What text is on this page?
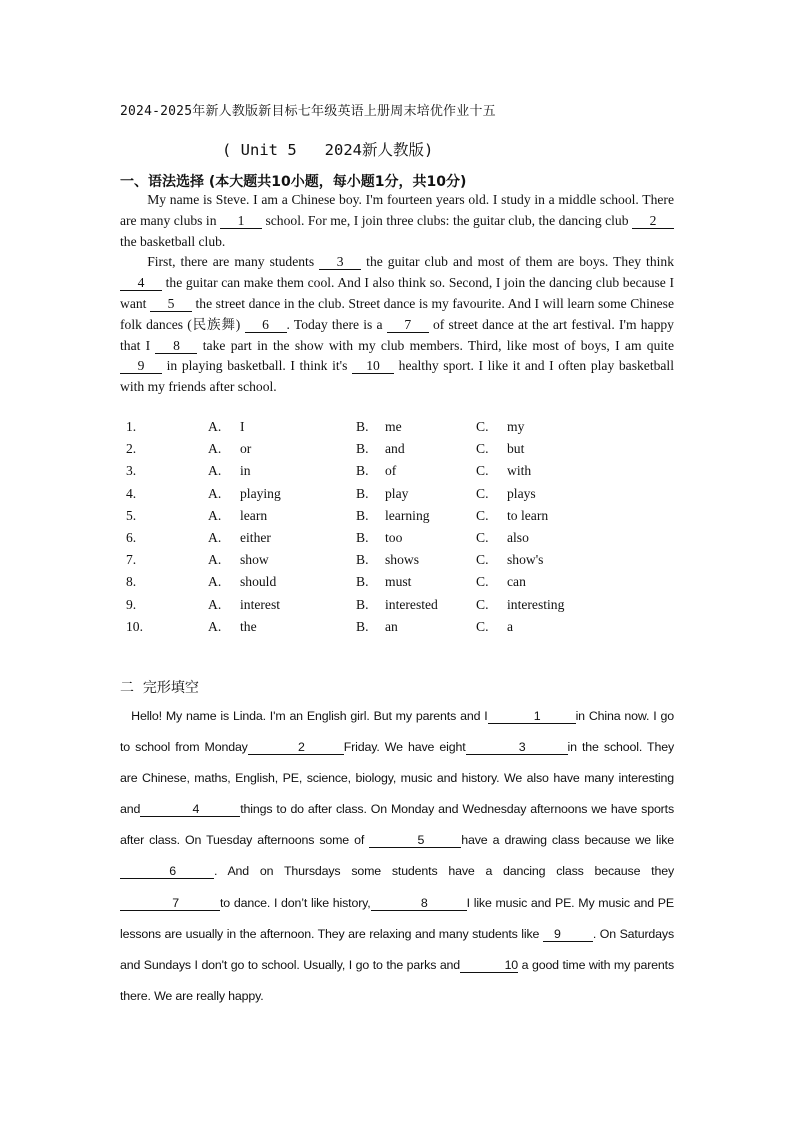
2024-2025年新人教版新目标七年级英语上册周末培优作业十五
( Unit 5   2024新人教版)
一、语法选择 (本大题共10小题，每小题1分，共10分)

My name is Steve. I am a Chinese boy. I'm fourteen years old. I study in a middle school. There are many clubs in 1 school. For me, I join three clubs: the guitar club, the dancing club 2 the basketball club.

First, there are many students 3 the guitar club and most of them are boys. They think 4 the guitar can make them cool. And I also think so. Second, I join the dancing club because I want 5 the street dance in the club. Street dance is my favourite. And I will learn some Chinese folk dances (民族舞) 6 . Today there is a 7 of street dance at the art festival. I'm happy that I 8 take part in the show with my club members. Third, like most of boys, I am quite 9 in playing basketball. I think it's 10 healthy sport. I like it and I often play basketball with my friends after school.

1.	A. I	B. me	C. my
2.	A. or	B. and	C. but
3.	A. in	B. of	C. with
4.	A. playing	B. play	C. plays
5.	A. learn	B. learning	C. to learn
6.	A. either	B. too	C. also
7.	A. show	B. shows	C. show's
8.	A. should	B. must	C. can
9.	A. interest	B. interested	C. interesting
10.	A. the	B. an	C. a
二  完形填空

Hello! My name is Linda. I'm an English girl. But my parents and I	1	in China now. I go to school from Monday	2	Friday. We have eight	3	in the school. They are Chinese, maths, English, PE, science, biology, music and history. We also have many interesting and	4	things to do after class. On Monday and Wednesday afternoons we have sports after class. On Tuesday afternoons some of	5	have a drawing class because we like6	. And on Thursdays some students have a dancing class because they7	to dance. I don’t like history,	8	I like music and PE. My music and PE lessons are usually in the afternoon. They are relaxing and many students like 9	. On Saturdays and Sundays I don't go to school. Usually, I go to the parks and	10 a good time with my parents there. We are really happy.
